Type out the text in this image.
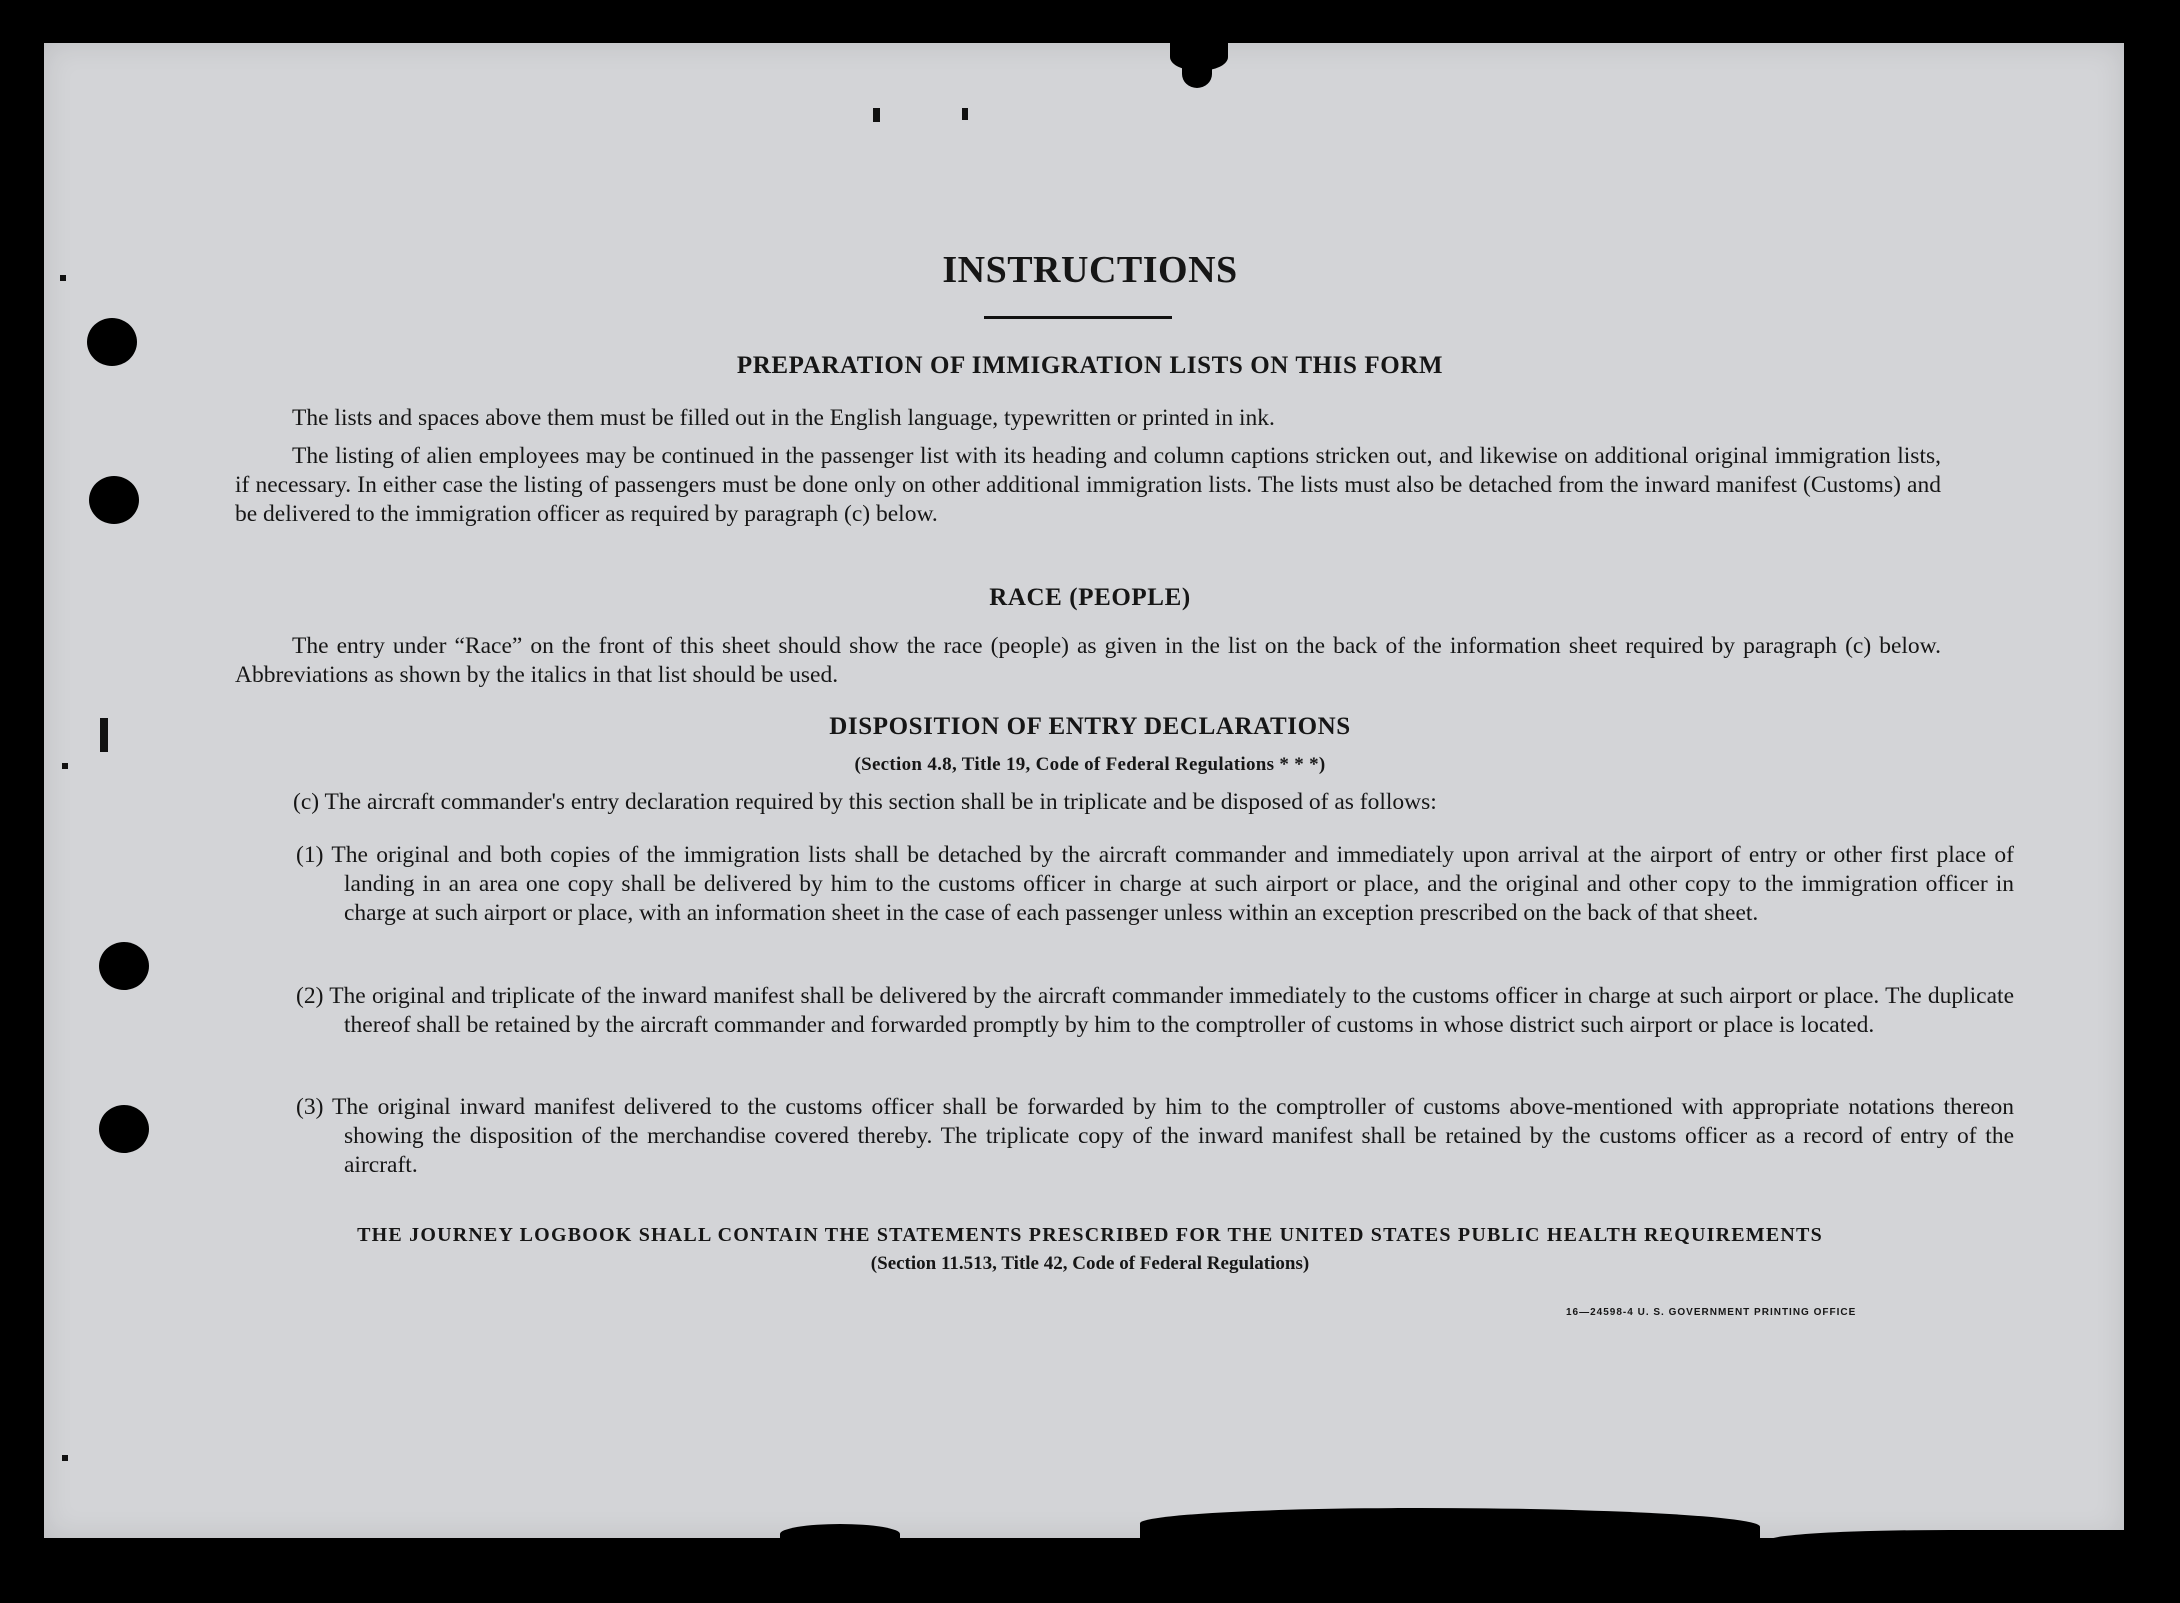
INSTRUCTIONS
PREPARATION OF IMMIGRATION LISTS ON THIS FORM
The lists and spaces above them must be filled out in the English language, typewritten or printed in ink.
The listing of alien employees may be continued in the passenger list with its heading and column captions stricken out, and likewise on additional original immigration lists, if necessary. In either case the listing of passengers must be done only on other additional immigration lists. The lists must also be detached from the inward manifest (Customs) and be delivered to the immigration officer as required by paragraph (c) below.
RACE (PEOPLE)
The entry under “Race” on the front of this sheet should show the race (people) as given in the list on the back of the information sheet required by paragraph (c) below. Abbreviations as shown by the italics in that list should be used.
DISPOSITION OF ENTRY DECLARATIONS
(Section 4.8, Title 19, Code of Federal Regulations * * *)
(c) The aircraft commander's entry declaration required by this section shall be in triplicate and be disposed of as follows:
(1) The original and both copies of the immigration lists shall be detached by the aircraft commander and immediately upon arrival at the airport of entry or other first place of landing in an area one copy shall be delivered by him to the customs officer in charge at such airport or place, and the original and other copy to the immigration officer in charge at such airport or place, with an information sheet in the case of each passenger unless within an exception prescribed on the back of that sheet.
(2) The original and triplicate of the inward manifest shall be delivered by the aircraft commander immediately to the customs officer in charge at such airport or place. The duplicate thereof shall be retained by the aircraft commander and forwarded promptly by him to the comptroller of customs in whose district such airport or place is located.
(3) The original inward manifest delivered to the customs officer shall be forwarded by him to the comptroller of customs above-mentioned with appropriate notations thereon showing the disposition of the merchandise covered thereby. The triplicate copy of the inward manifest shall be retained by the customs officer as a record of entry of the aircraft.
THE JOURNEY LOGBOOK SHALL CONTAIN THE STATEMENTS PRESCRIBED FOR THE UNITED STATES PUBLIC HEALTH REQUIREMENTS
(Section 11.513, Title 42, Code of Federal Regulations)
16—24598‑4 U. S. GOVERNMENT PRINTING OFFICE
